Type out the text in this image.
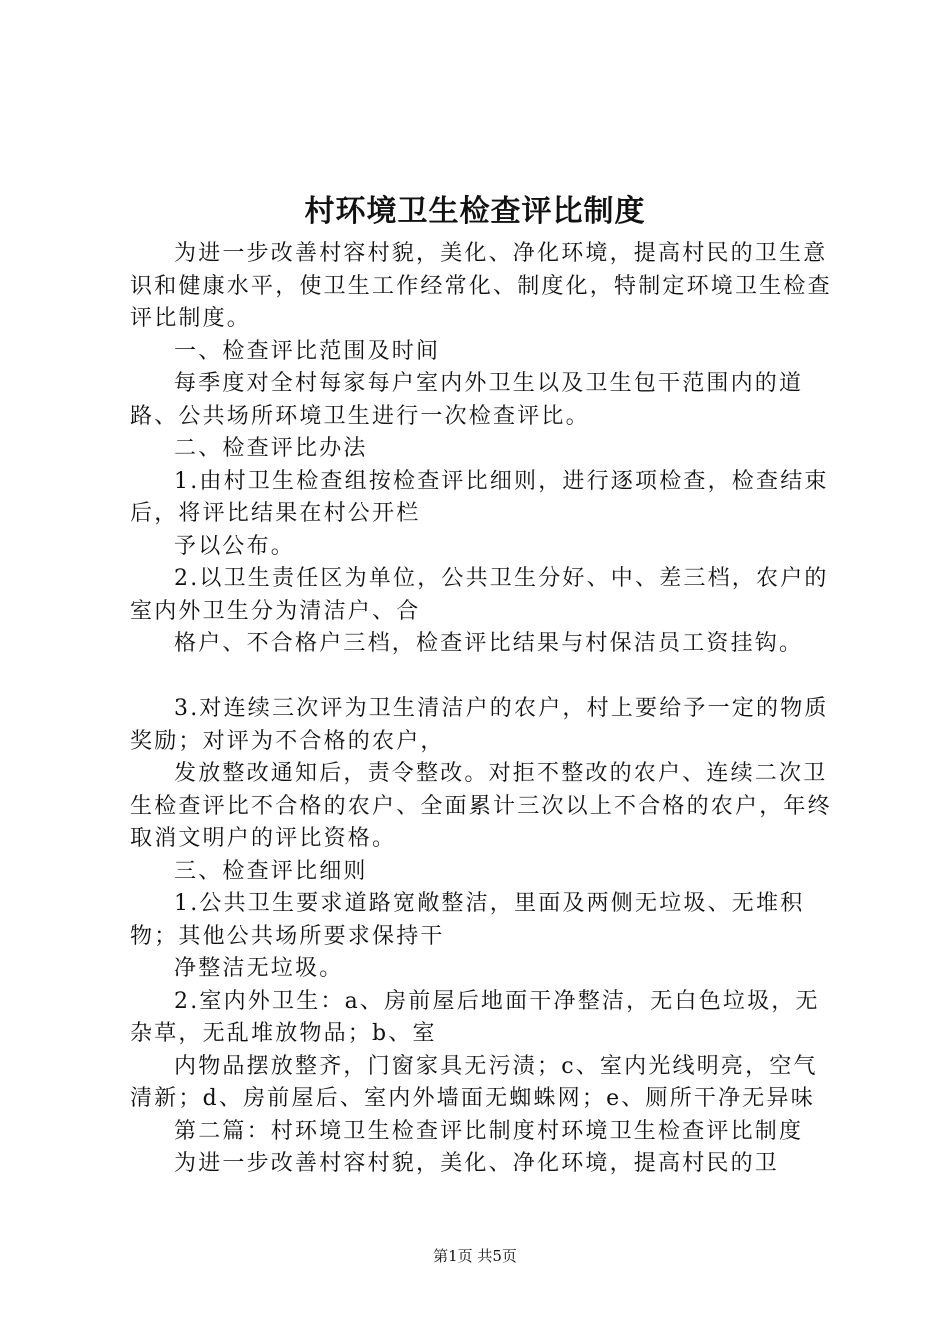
村环境卫生检查评比制度

为进一步改善村容村貌，美化、净化环境，提高村民的卫生意识和健康水平，使卫生工作经常化、制度化，特制定环境卫生检查评比制度。

一、检查评比范围及时间

每季度对全村每家每户室内外卫生以及卫生包干范围内的道路、公共场所环境卫生进行一次检查评比。

二、检查评比办法

1.由村卫生检查组按检查评比细则，进行逐项检查，检查结束后，将评比结果在村公开栏

予以公布。

2.以卫生责任区为单位，公共卫生分好、中、差三档，农户的室内外卫生分为清洁户、合

格户、不合格户三档，检查评比结果与村保洁员工资挂钩。

3.对连续三次评为卫生清洁户的农户，村上要给予一定的物质奖励；对评为不合格的农户，

发放整改通知后，责令整改。对拒不整改的农户、连续二次卫生检查评比不合格的农户、全面累计三次以上不合格的农户，年终取消文明户的评比资格。

三、检查评比细则

1.公共卫生要求道路宽敞整洁，里面及两侧无垃圾、无堆积物；其他公共场所要求保持干

净整洁无垃圾。

2.室内外卫生：a、房前屋后地面干净整洁，无白色垃圾，无杂草，无乱堆放物品；b、室

内物品摆放整齐，门窗家具无污渍；c、室内光线明亮，空气清新；d、房前屋后、室内外墙面无蜘蛛网；e、厕所干净无异味

第二篇：村环境卫生检查评比制度村环境卫生检查评比制度

为进一步改善村容村貌，美化、净化环境，提高村民的卫

第1页 共5页
